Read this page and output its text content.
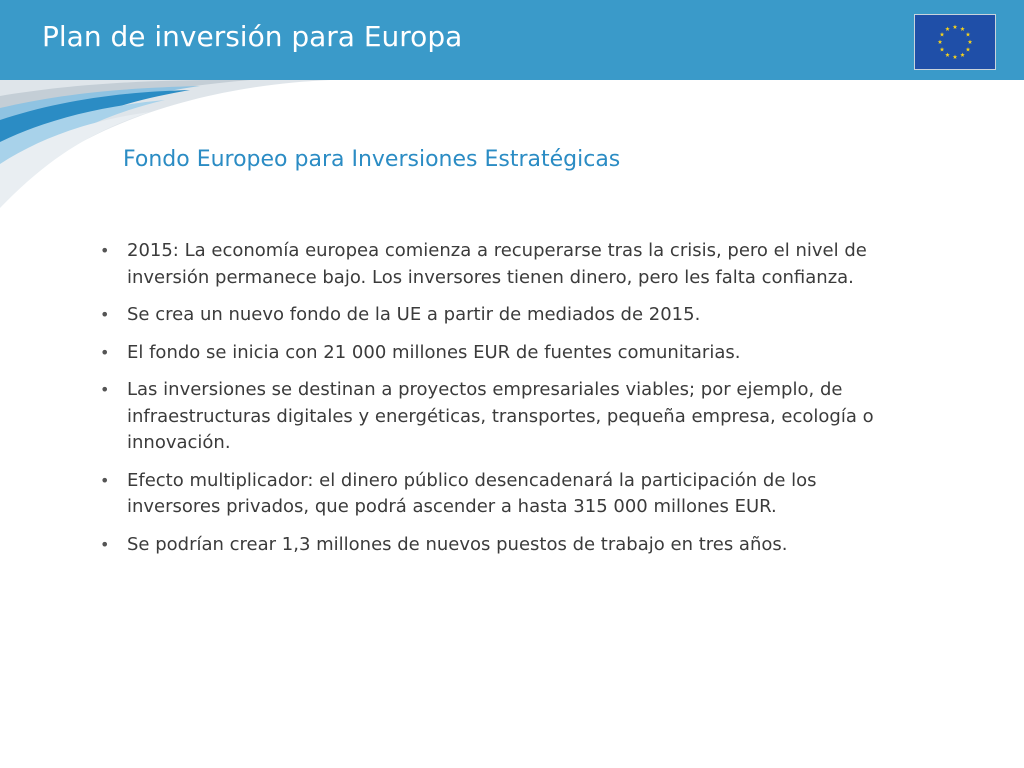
Plan de inversión para Europa
Fondo Europeo para Inversiones Estratégicas
• 2015: La economía europea comienza a recuperarse tras la crisis, pero el nivel de inversión permanece bajo. Los inversores tienen dinero, pero les falta confianza.
• Se crea un nuevo fondo de la UE a partir de mediados de 2015.
• El fondo se inicia con 21 000 millones EUR de fuentes comunitarias.
• Las inversiones se destinan a proyectos empresariales viables; por ejemplo, de infraestructuras digitales y energéticas, transportes, pequeña empresa, ecología o innovación.
• Efecto multiplicador: el dinero público desencadenará la participación de los inversores privados, que podrá ascender a hasta 315 000 millones EUR.
• Se podrían crear 1,3 millones de nuevos puestos de trabajo en tres años.
